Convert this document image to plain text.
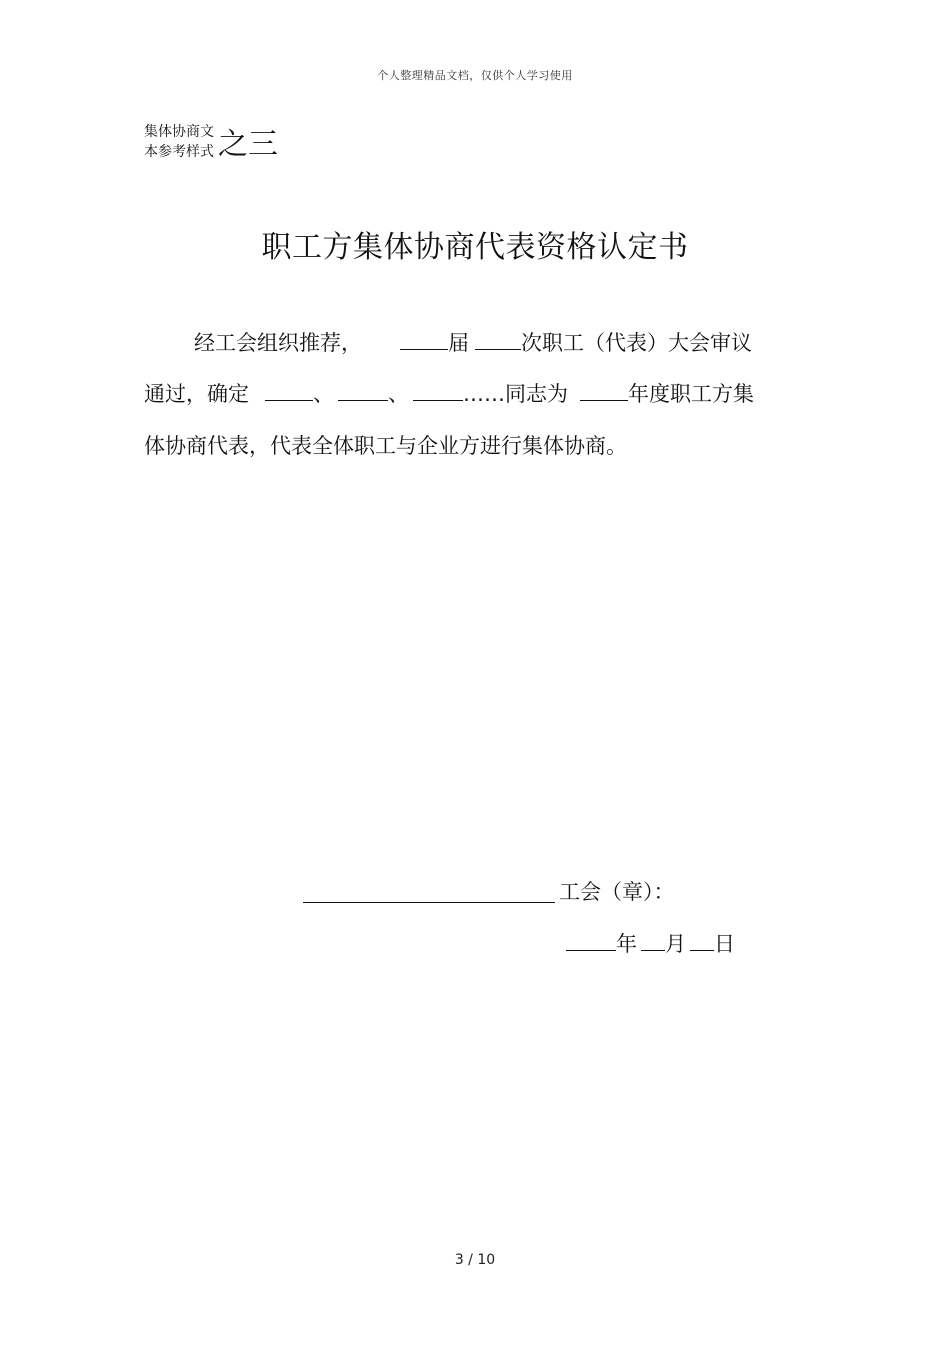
个人整理精品文档，仅供个人学习使用
集体协商文
本参考样式 之三
职工方集体协商代表资格认定书
经工会组织推荐，	届 次职工（代表）大会审议
通过，确定	、	、	……同志为	年度职工方集
体协商代表，代表全体职工与企业方进行集体协商。
工会（章）：
年 月 日
3 / 10
